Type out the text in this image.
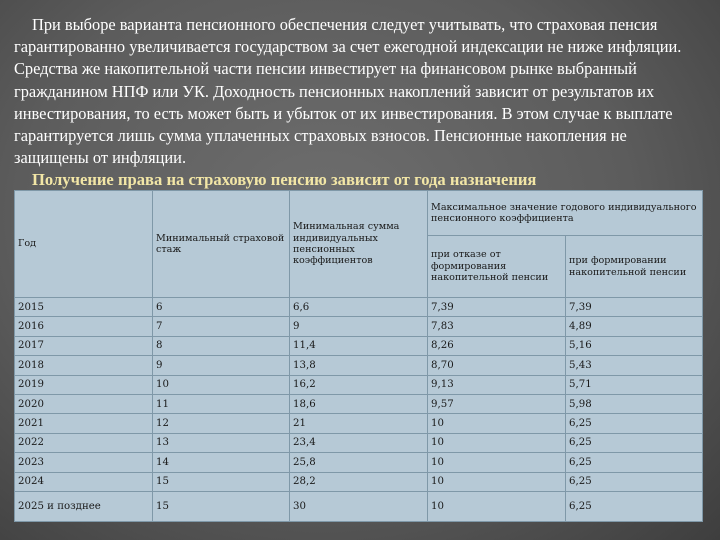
При выборе варианта пенсионного обеспечения следует учитывать, что страховая пенсия гарантированно увеличивается государством за счет ежегодной индексации не ниже инфляции. Средства же накопительной части пенсии инвестирует на финансовом рынке выбранный гражданином НПФ или УК. Доходность пенсионных накоплений зависит от результатов их инвестирования, то есть может быть и убыток от их инвестирования. В этом случае к выплате гарантируется лишь сумма уплаченных страховых взносов. Пенсионные накопления не защищены от инфляции.

Получение права на страховую пенсию зависит от года назначения

Год	Минимальный страховой стаж	Минимальная сумма индивидуальных пенсионных коэффициентов	Максимальное значение годового индивидуального пенсионного коэффициента	
			при отказе от формирования накопительной пенсии	при формировании накопительной пенсии
2015	6	6,6	7,39	7,39
2016	7	9	7,83	4,89
2017	8	11,4	8,26	5,16
2018	9	13,8	8,70	5,43
2019	10	16,2	9,13	5,71
2020	11	18,6	9,57	5,98
2021	12	21	10	6,25
2022	13	23,4	10	6,25
2023	14	25,8	10	6,25
2024	15	28,2	10	6,25
2025 и позднее	15	30	10	6,25
